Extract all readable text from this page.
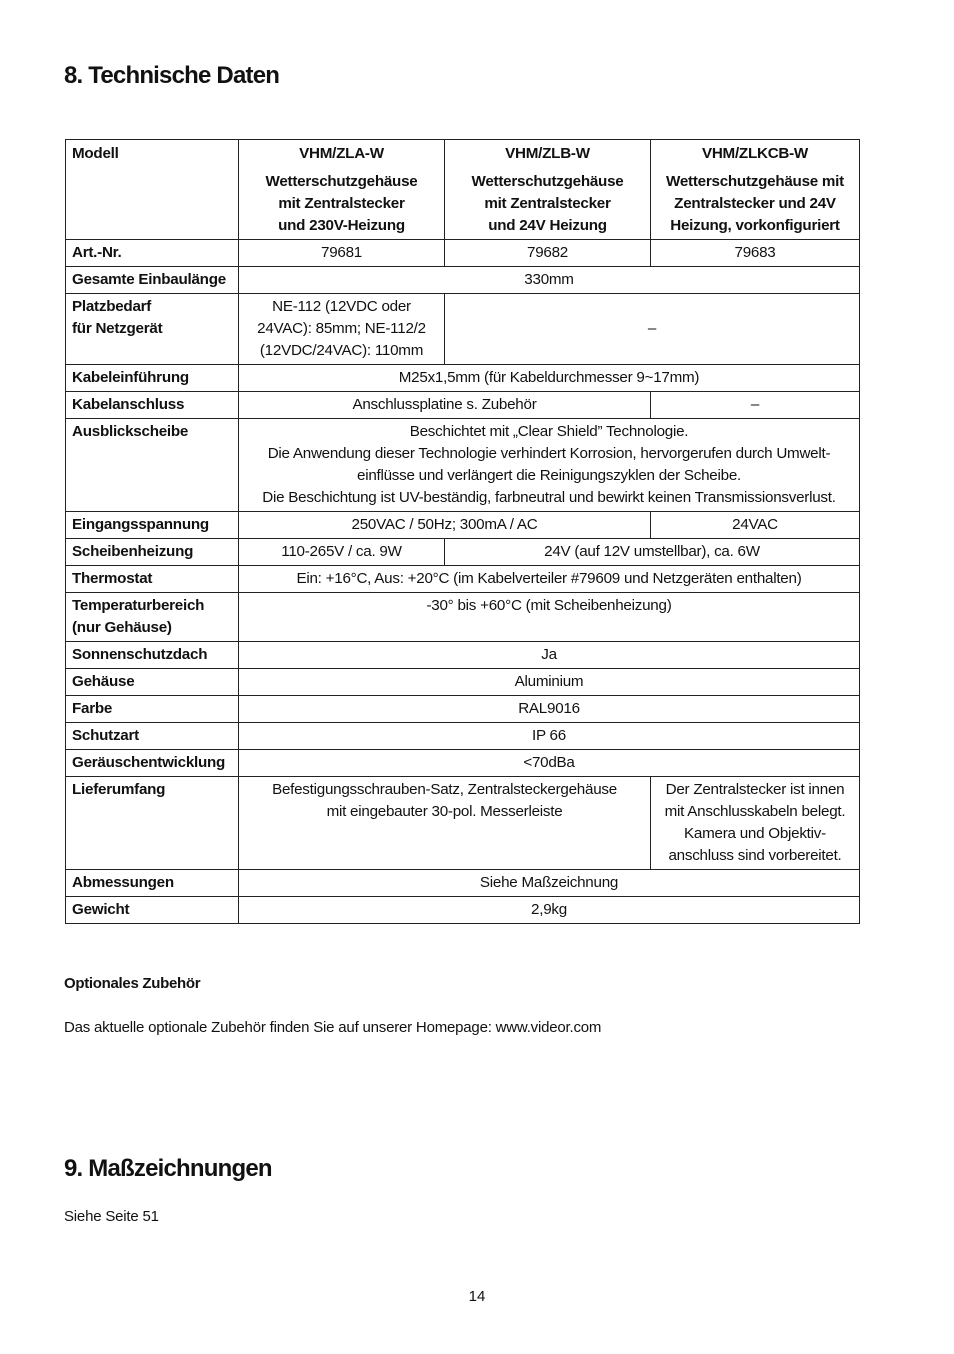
8. Technische Daten
Modell	VHM/ZLA-W
Wetterschutzgehäuse
mit Zentralstecker
und 230V-Heizung	VHM/ZLB-W
Wetterschutzgehäuse
mit Zentralstecker
und 24V Heizung	VHM/ZLKCB-W
Wetterschutzgehäuse mit
Zentralstecker und 24V
Heizung, vorkonfiguriert

Art.-Nr.	79681	79682	79683
Gesamte Einbaulänge	330mm		

Platzbedarf
für Netzgerät	NE-112 (12VDC oder
24VAC): 85mm; NE-112/2
(12VDC/24VAC): 110mm	–	
Kabeleinführung	M25x1,5mm (für Kabeldurchmesser 9~17mm)		
Kabelanschluss	Anschlussplatine s. Zubehör		–
Ausblickscheibe	Beschichtet mit „Clear Shield” Technologie.
Die Anwendung dieser Technologie verhindert Korrosion, hervorgerufen durch Umwelt-
einflüsse und verlängert die Reinigungszyklen der Scheibe.
Die Beschichtung ist UV-beständig, farbneutral und bewirkt keinen Transmissionsverlust.		

Eingangsspannung	250VAC / 50Hz; 300mA / AC		24VAC
Scheibenheizung	110-265V / ca. 9W	24V (auf 12V umstellbar), ca. 6W	
Thermostat	Ein: +16°C, Aus: +20°C (im Kabelverteiler #79609 und Netzgeräten enthalten)		

Temperaturbereich
(nur Gehäuse)	-30° bis +60°C (mit Scheibenheizung)		
Sonnenschutzdach	Ja		
Gehäuse	Aluminium		
Farbe	RAL9016		
Schutzart	IP 66		
Geräuschentwicklung	<70dBa		
Lieferumfang	Befestigungsschrauben-Satz, Zentralsteckergehäuse
mit eingebauter 30-pol. Messerleiste		Der Zentralstecker ist innen
mit Anschlusskabeln belegt.
Kamera und Objektiv-
anschluss sind vorbereitet.

Abmessungen	Siehe Maßzeichnung		
Gewicht	2,9kg		

Optionales Zubehör

Das aktuelle optionale Zubehör finden Sie auf unserer Homepage: www.videor.com

9. Maßzeichnungen

Siehe Seite 51

14
